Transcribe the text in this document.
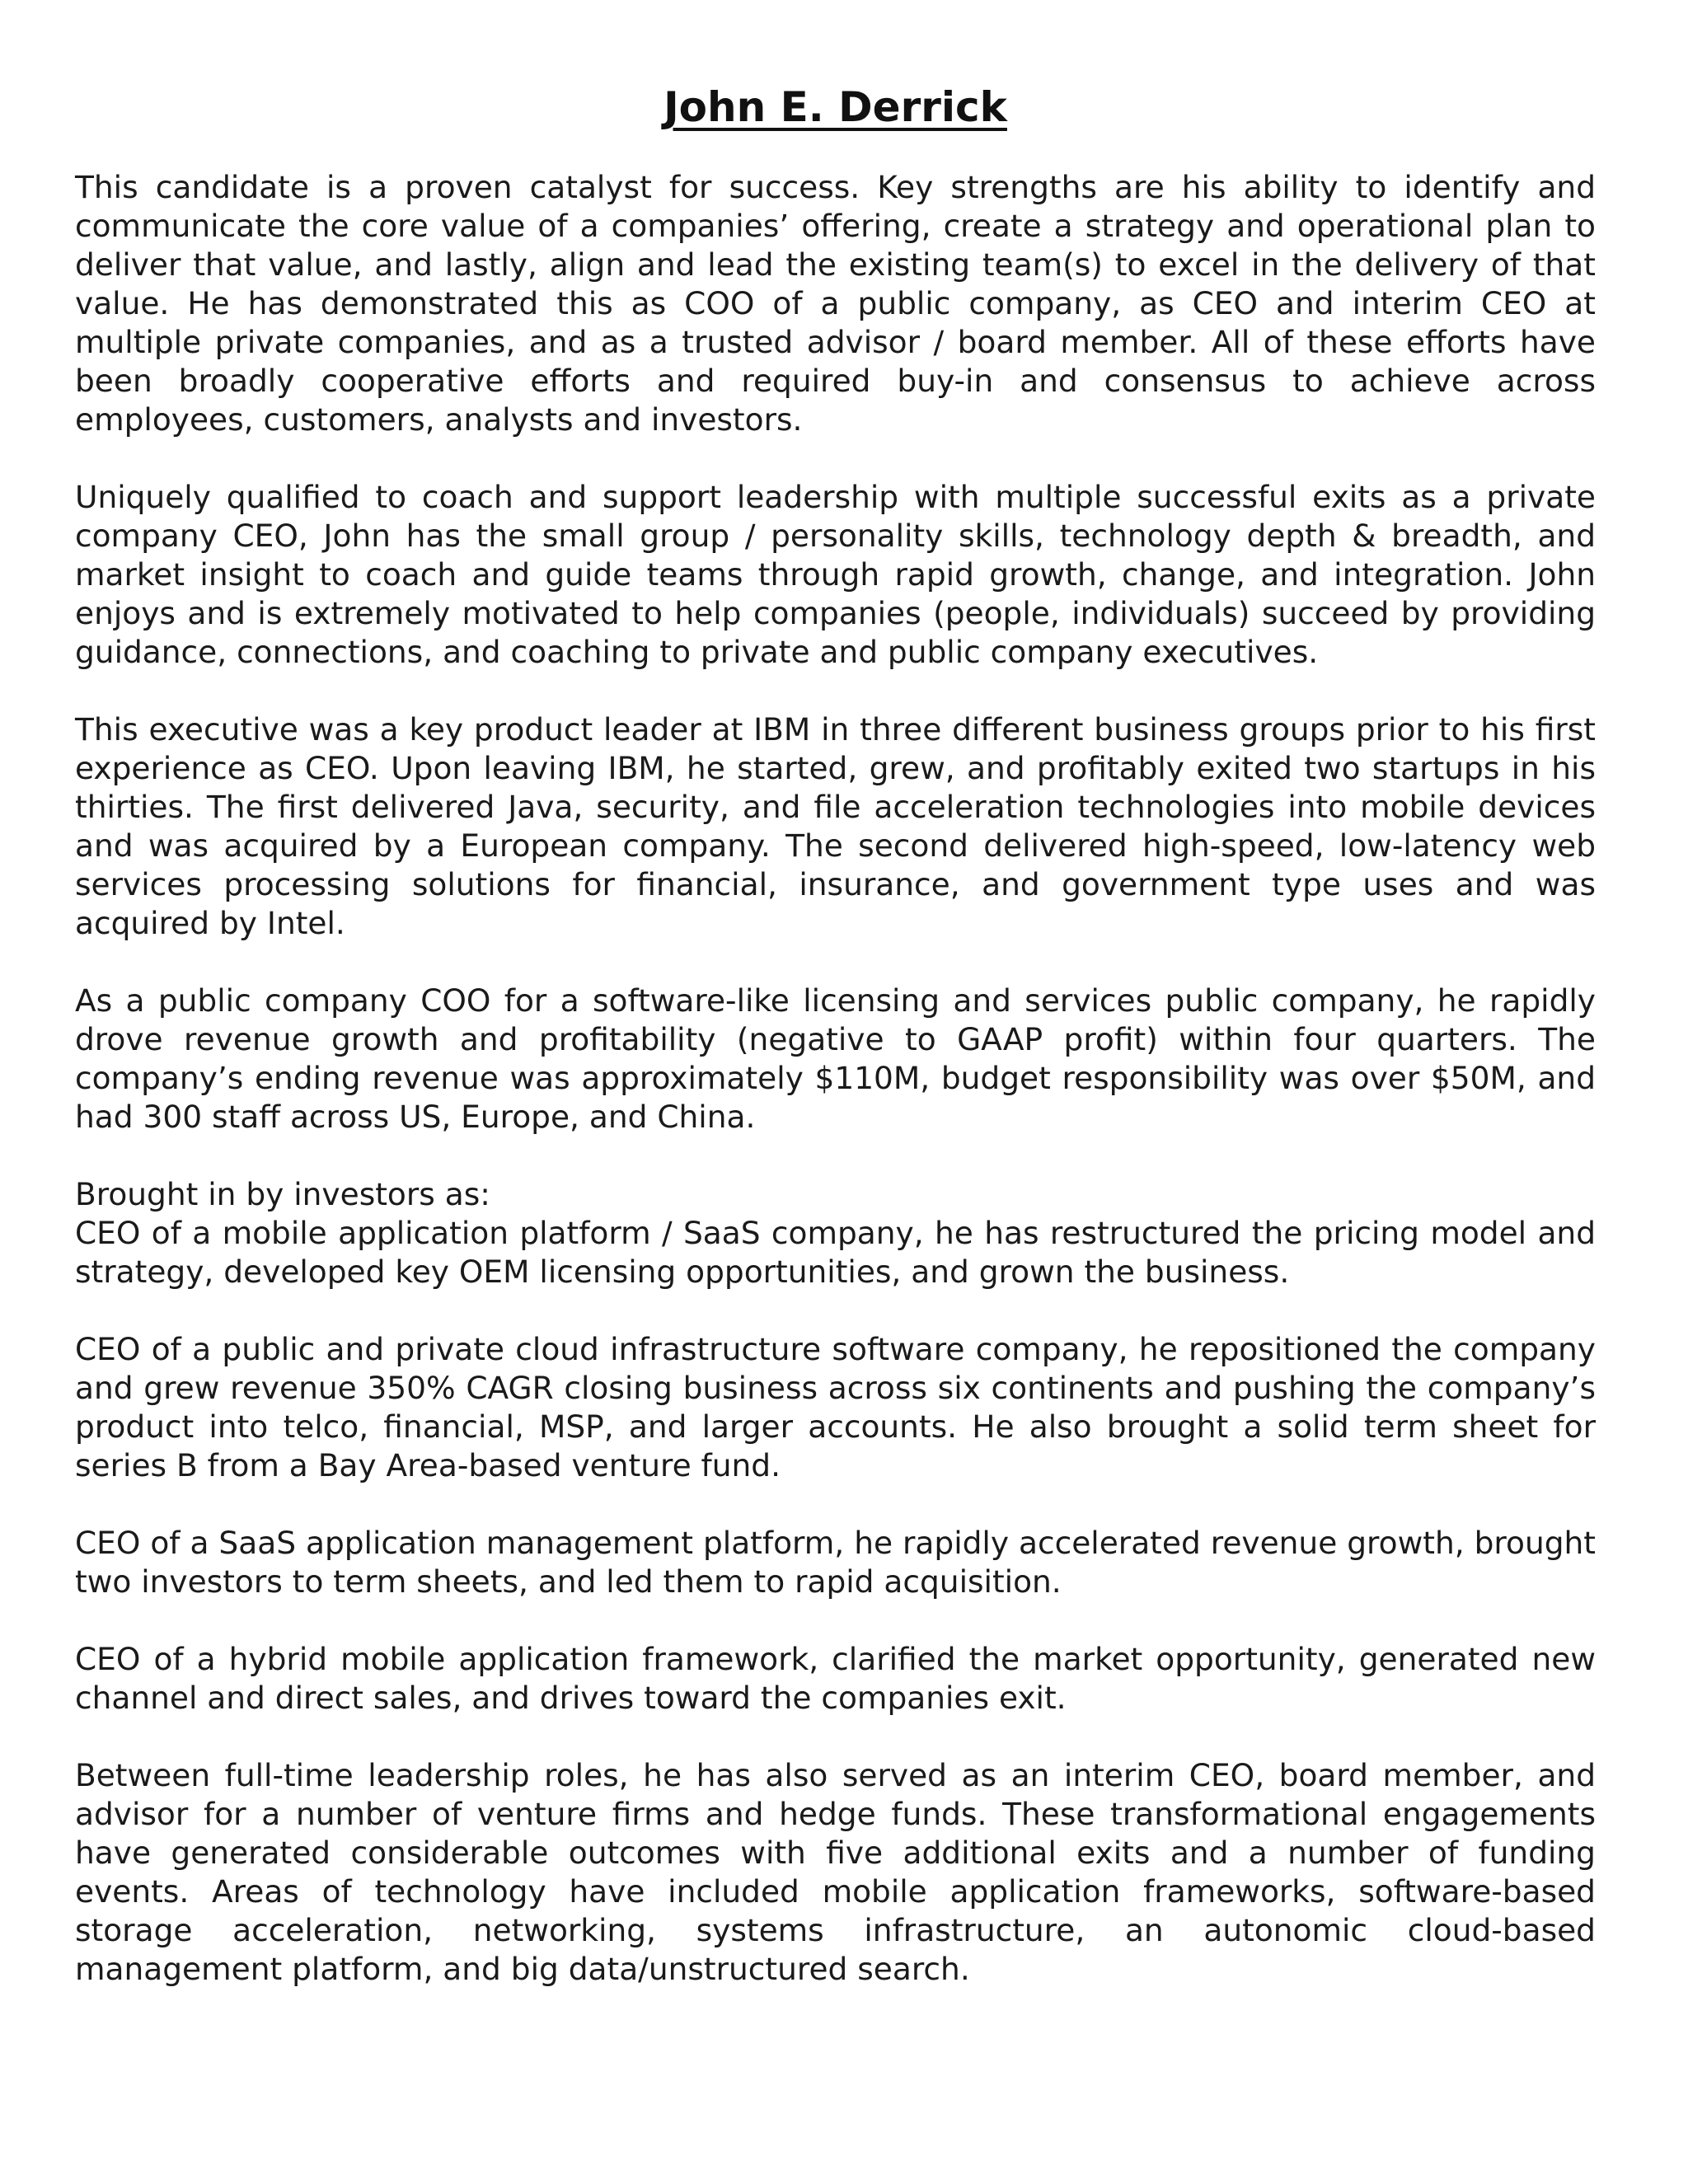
John E. Derrick

This candidate is a proven catalyst for success. Key strengths are his ability to identify and communicate the core value of a companies’ offering, create a strategy and operational plan to deliver that value, and lastly, align and lead the existing team(s) to excel in the delivery of that value. He has demonstrated this as COO of a public company, as CEO and interim CEO at multiple private companies, and as a trusted advisor / board member. All of these efforts have been broadly cooperative efforts and required buy-in and consensus to achieve across employees, customers, analysts and investors.

Uniquely qualified to coach and support leadership with multiple successful exits as a private company CEO, John has the small group / personality skills, technology depth & breadth, and market insight to coach and guide teams through rapid growth, change, and integration. John enjoys and is extremely motivated to help companies (people, individuals) succeed by providing guidance, connections, and coaching to private and public company executives.

This executive was a key product leader at IBM in three different business groups prior to his first experience as CEO. Upon leaving IBM, he started, grew, and profitably exited two startups in his thirties. The first delivered Java, security, and file acceleration technologies into mobile devices and was acquired by a European company. The second delivered high-speed, low-latency web services processing solutions for financial, insurance, and government type uses and was acquired by Intel.

As a public company COO for a software-like licensing and services public company, he rapidly drove revenue growth and profitability (negative to GAAP profit) within four quarters. The company’s ending revenue was approximately $110M, budget responsibility was over $50M, and had 300 staff across US, Europe, and China.

Brought in by investors as:

CEO of a mobile application platform / SaaS company, he has restructured the pricing model and strategy, developed key OEM licensing opportunities, and grown the business.

CEO of a public and private cloud infrastructure software company, he repositioned the company and grew revenue 350% CAGR closing business across six continents and pushing the company’s product into telco, financial, MSP, and larger accounts. He also brought a solid term sheet for series B from a Bay Area-based venture fund.

CEO of a SaaS application management platform, he rapidly accelerated revenue growth, brought two investors to term sheets, and led them to rapid acquisition.

CEO of a hybrid mobile application framework, clarified the market opportunity, generated new channel and direct sales, and drives toward the companies exit.

Between full-time leadership roles, he has also served as an interim CEO, board member, and advisor for a number of venture firms and hedge funds. These transformational engagements have generated considerable outcomes with five additional exits and a number of funding events. Areas of technology have included mobile application frameworks, software-based storage acceleration, networking, systems infrastructure, an autonomic cloud-based management platform, and big data/unstructured search.
